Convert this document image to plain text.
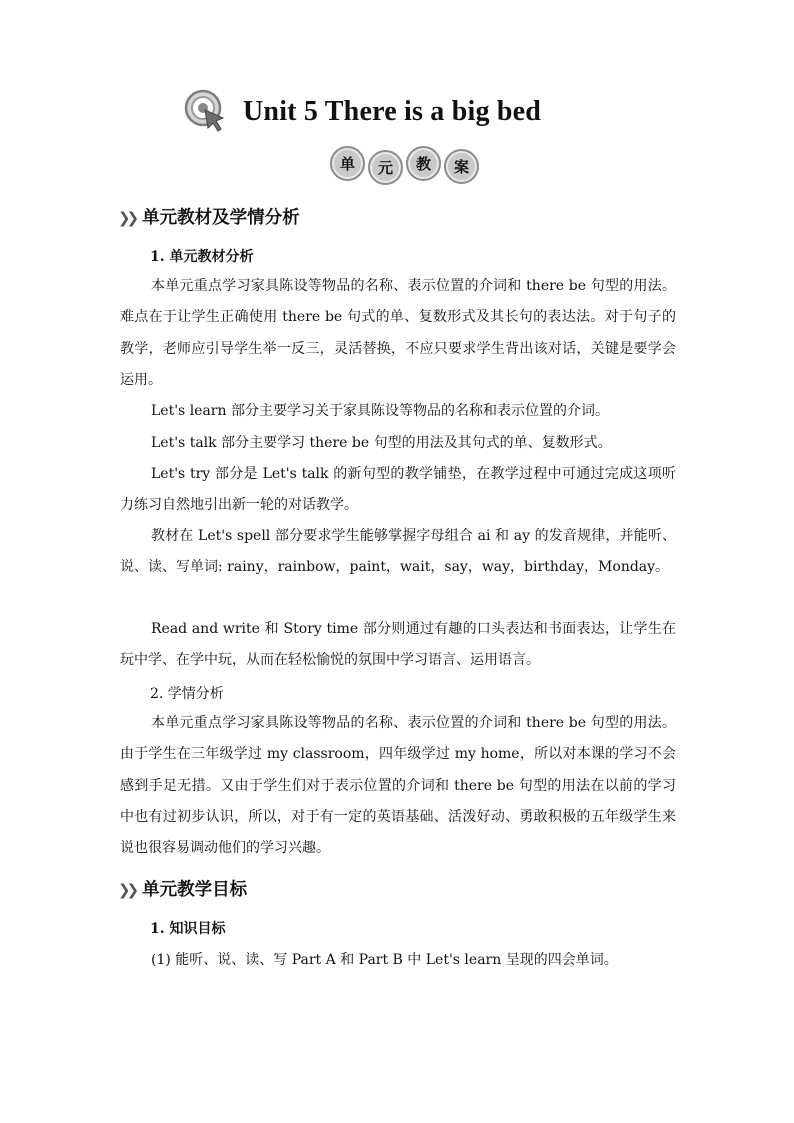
Unit 5 There is a big bed
单	元	教	案
❯❯ 单元教材及学情分析
1. 单元教材分析
本单元重点学习家具陈设等物品的名称、表示位置的介词和 there be 句型的用法。难点在于让学生正确使用 there be 句式的单、复数形式及其长句的表达法。对于句子的教学，老师应引导学生举一反三，灵活替换，不应只要求学生背出该对话，关键是要学会运用。
Let's learn 部分主要学习关于家具陈设等物品的名称和表示位置的介词。
Let's talk 部分主要学习 there be 句型的用法及其句式的单、复数形式。
Let's try 部分是 Let's talk 的新句型的教学铺垫，在教学过程中可通过完成这项听力练习自然地引出新一轮的对话教学。
教材在 Let's spell 部分要求学生能够掌握字母组合 ai 和 ay 的发音规律，并能听、说、读、写单词: rainy，rainbow，paint，wait，say，way，birthday，Monday。
Read and write 和 Story time 部分则通过有趣的口头表达和书面表达，让学生在玩中学、在学中玩，从而在轻松愉悦的氛围中学习语言、运用语言。
2. 学情分析
本单元重点学习家具陈设等物品的名称、表示位置的介词和 there be 句型的用法。由于学生在三年级学过 my classroom，四年级学过 my home，所以对本课的学习不会感到手足无措。又由于学生们对于表示位置的介词和 there be 句型的用法在以前的学习中也有过初步认识，所以，对于有一定的英语基础、活泼好动、勇敢积极的五年级学生来说也很容易调动他们的学习兴趣。
❯❯ 单元教学目标
1. 知识目标
(1) 能听、说、读、写 Part A 和 Part B 中 Let's learn 呈现的四会单词。
